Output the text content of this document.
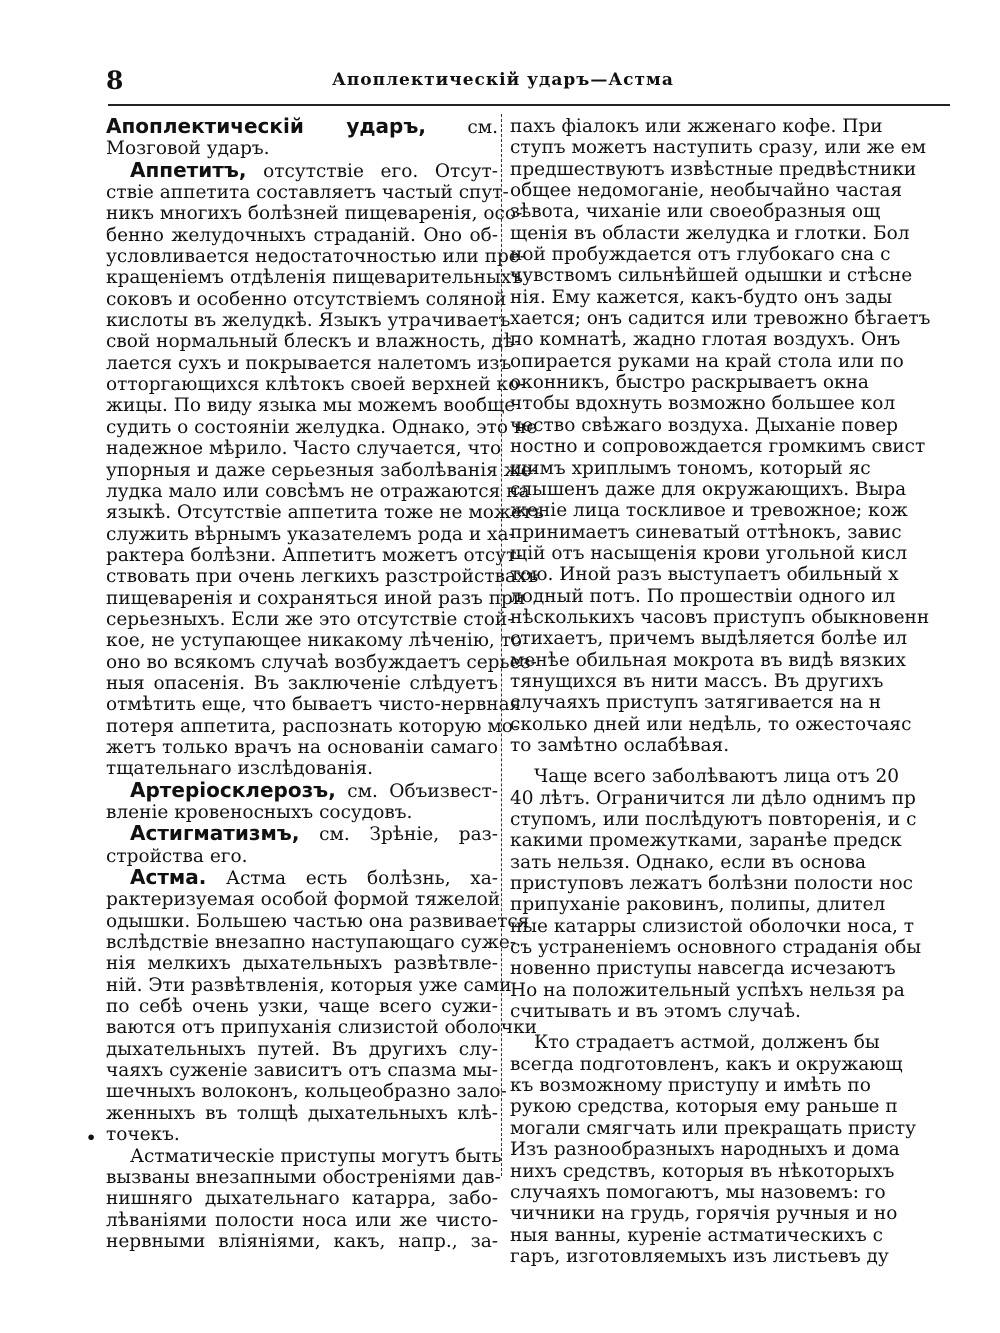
8	Апоплектическій ударъ—Астма
•
Апоплектическій ударъ, см.
Мозговой ударъ.
Аппетитъ, отсутствіе его. Отсут-
ствіе аппетита составляетъ частый спут-
никъ многихъ болѣзней пищеваренія, осо-
бенно желудочныхъ страданій. Оно об-
условливается недостаточностью или пре-
кращеніемъ отдѣленія пищеварительныхъ
соковъ и особенно отсутствіемъ соляной
кислоты въ желудкѣ. Языкъ утрачиваетъ
свой нормальный блескъ и влажность, дѣ-
лается сухъ и покрывается налетомъ изъ
отторгающихся клѣтокъ своей верхней ко-
жицы. По виду языка мы можемъ вообще
судить о состояніи желудка. Однако, это не
надежное мѣрило. Часто случается, что
упорныя и даже серьезныя заболѣванія же-
лудка мало или совсѣмъ не отражаются на
языкѣ. Отсутствіе аппетита тоже не можетъ
служить вѣрнымъ указателемъ рода и ха-
рактера болѣзни. Аппетитъ можетъ отсут-
ствовать при очень легкихъ разстройствахъ
пищеваренія и сохраняться иной разъ при
серьезныхъ. Если же это отсутствіе стой-
кое, не уступающее никакому лѣченію, то
оно во всякомъ случаѣ возбуждаетъ серьез-
ныя опасенія. Въ заключеніе слѣдуетъ
отмѣтить еще, что бываетъ чисто-нервная
потеря аппетита, распознать которую мо-
жетъ только врачъ на основаніи самаго
тщательнаго изслѣдованія.
Артеріосклерозъ, см. Объизвест-
вленіе кровеносныхъ сосудовъ.
Астигматизмъ, см. Зрѣніе, раз-
стройства его.
Астма. Астма есть болѣзнь, ха-
рактеризуемая особой формой тяжелой
одышки. Большею частью она развивается
вслѣдствіе внезапно наступающаго суже-
нія мелкихъ дыхательныхъ развѣтвле-
ній. Эти развѣтвленія, которыя уже сами
по себѣ очень узки, чаще всего сужи-
ваются отъ припуханія слизистой оболочки
дыхательныхъ путей. Въ другихъ слу-
чаяхъ суженіе зависитъ отъ спазма мы-
шечныхъ волоконъ, кольцеобразно зало-
женныхъ въ толщѣ дыхательныхъ клѣ-
точекъ.
Астматическіе приступы могутъ быть
вызваны внезапными обостреніями дав-
нишняго дыхательнаго катарра, забо-
лѣваніями полости носа или же чисто-
нервными вліяніями, какъ, напр., за-
пахъ фіалокъ или жженаго кофе. При
ступъ можетъ наступить сразу, или же ем
предшествуютъ извѣстные предвѣстники
общее недомоганіе, необычайно частая
зѣвота, чиханіе или своеобразныя ощ
щенія въ области желудка и глотки. Бол
ной пробуждается отъ глубокаго сна с
чувствомъ сильнѣйшей одышки и стѣсне
нія. Ему кажется, какъ-будто онъ зады
хается; онъ садится или тревожно бѣгаетъ
по комнатѣ, жадно глотая воздухъ. Онъ
опирается руками на край стола или по
оконникъ, быстро раскрываетъ окна
чтобы вдохнуть возможно большее кол
чество свѣжаго воздуха. Дыханіе повер
ностно и сопровождается громкимъ свист
щимъ хриплымъ тономъ, который яс
слышенъ даже для окружающихъ. Выра
женіе лица тоскливое и тревожное; кож
принимаетъ синеватый оттѣнокъ, завис
щій отъ насыщенія крови угольной кисл
тою. Иной разъ выступаетъ обильный х
лодный потъ. По прошествіи одного ил
нѣсколькихъ часовъ приступъ обыкновенн
стихаетъ, причемъ выдѣляется болѣе ил
менѣе обильная мокрота въ видѣ вязких
тянущихся въ нити массъ. Въ другихъ
случаяхъ приступъ затягивается на н
сколько дней или недѣль, то ожесточаяс
то замѣтно ослабѣвая.
Чаще всего заболѣваютъ лица отъ 20
40 лѣтъ. Ограничится ли дѣло однимъ пр
ступомъ, или послѣдуютъ повторенія, и с
какими промежутками, заранѣе предск
зать нельзя. Однако, если въ основа
приступовъ лежатъ болѣзни полости нос
припуханіе раковинъ, полипы, длител
ные катарры слизистой оболочки носа, т
съ устраненіемъ основного страданія обы
новенно приступы навсегда исчезаютъ
Но на положительный успѣхъ нельзя ра
считывать и въ этомъ случаѣ.
Кто страдаетъ астмой, долженъ бы
всегда подготовленъ, какъ и окружающ
къ возможному приступу и имѣть по
рукою средства, которыя ему раньше п
могали смягчать или прекращать присту
Изъ разнообразныхъ народныхъ и дома
нихъ средствъ, которыя въ нѣкоторыхъ
случаяхъ помогаютъ, мы назовемъ: го
чичники на грудь, горячія ручныя и но
ныя ванны, куреніе астматическихъ с
гаръ, изготовляемыхъ изъ листьевъ ду
